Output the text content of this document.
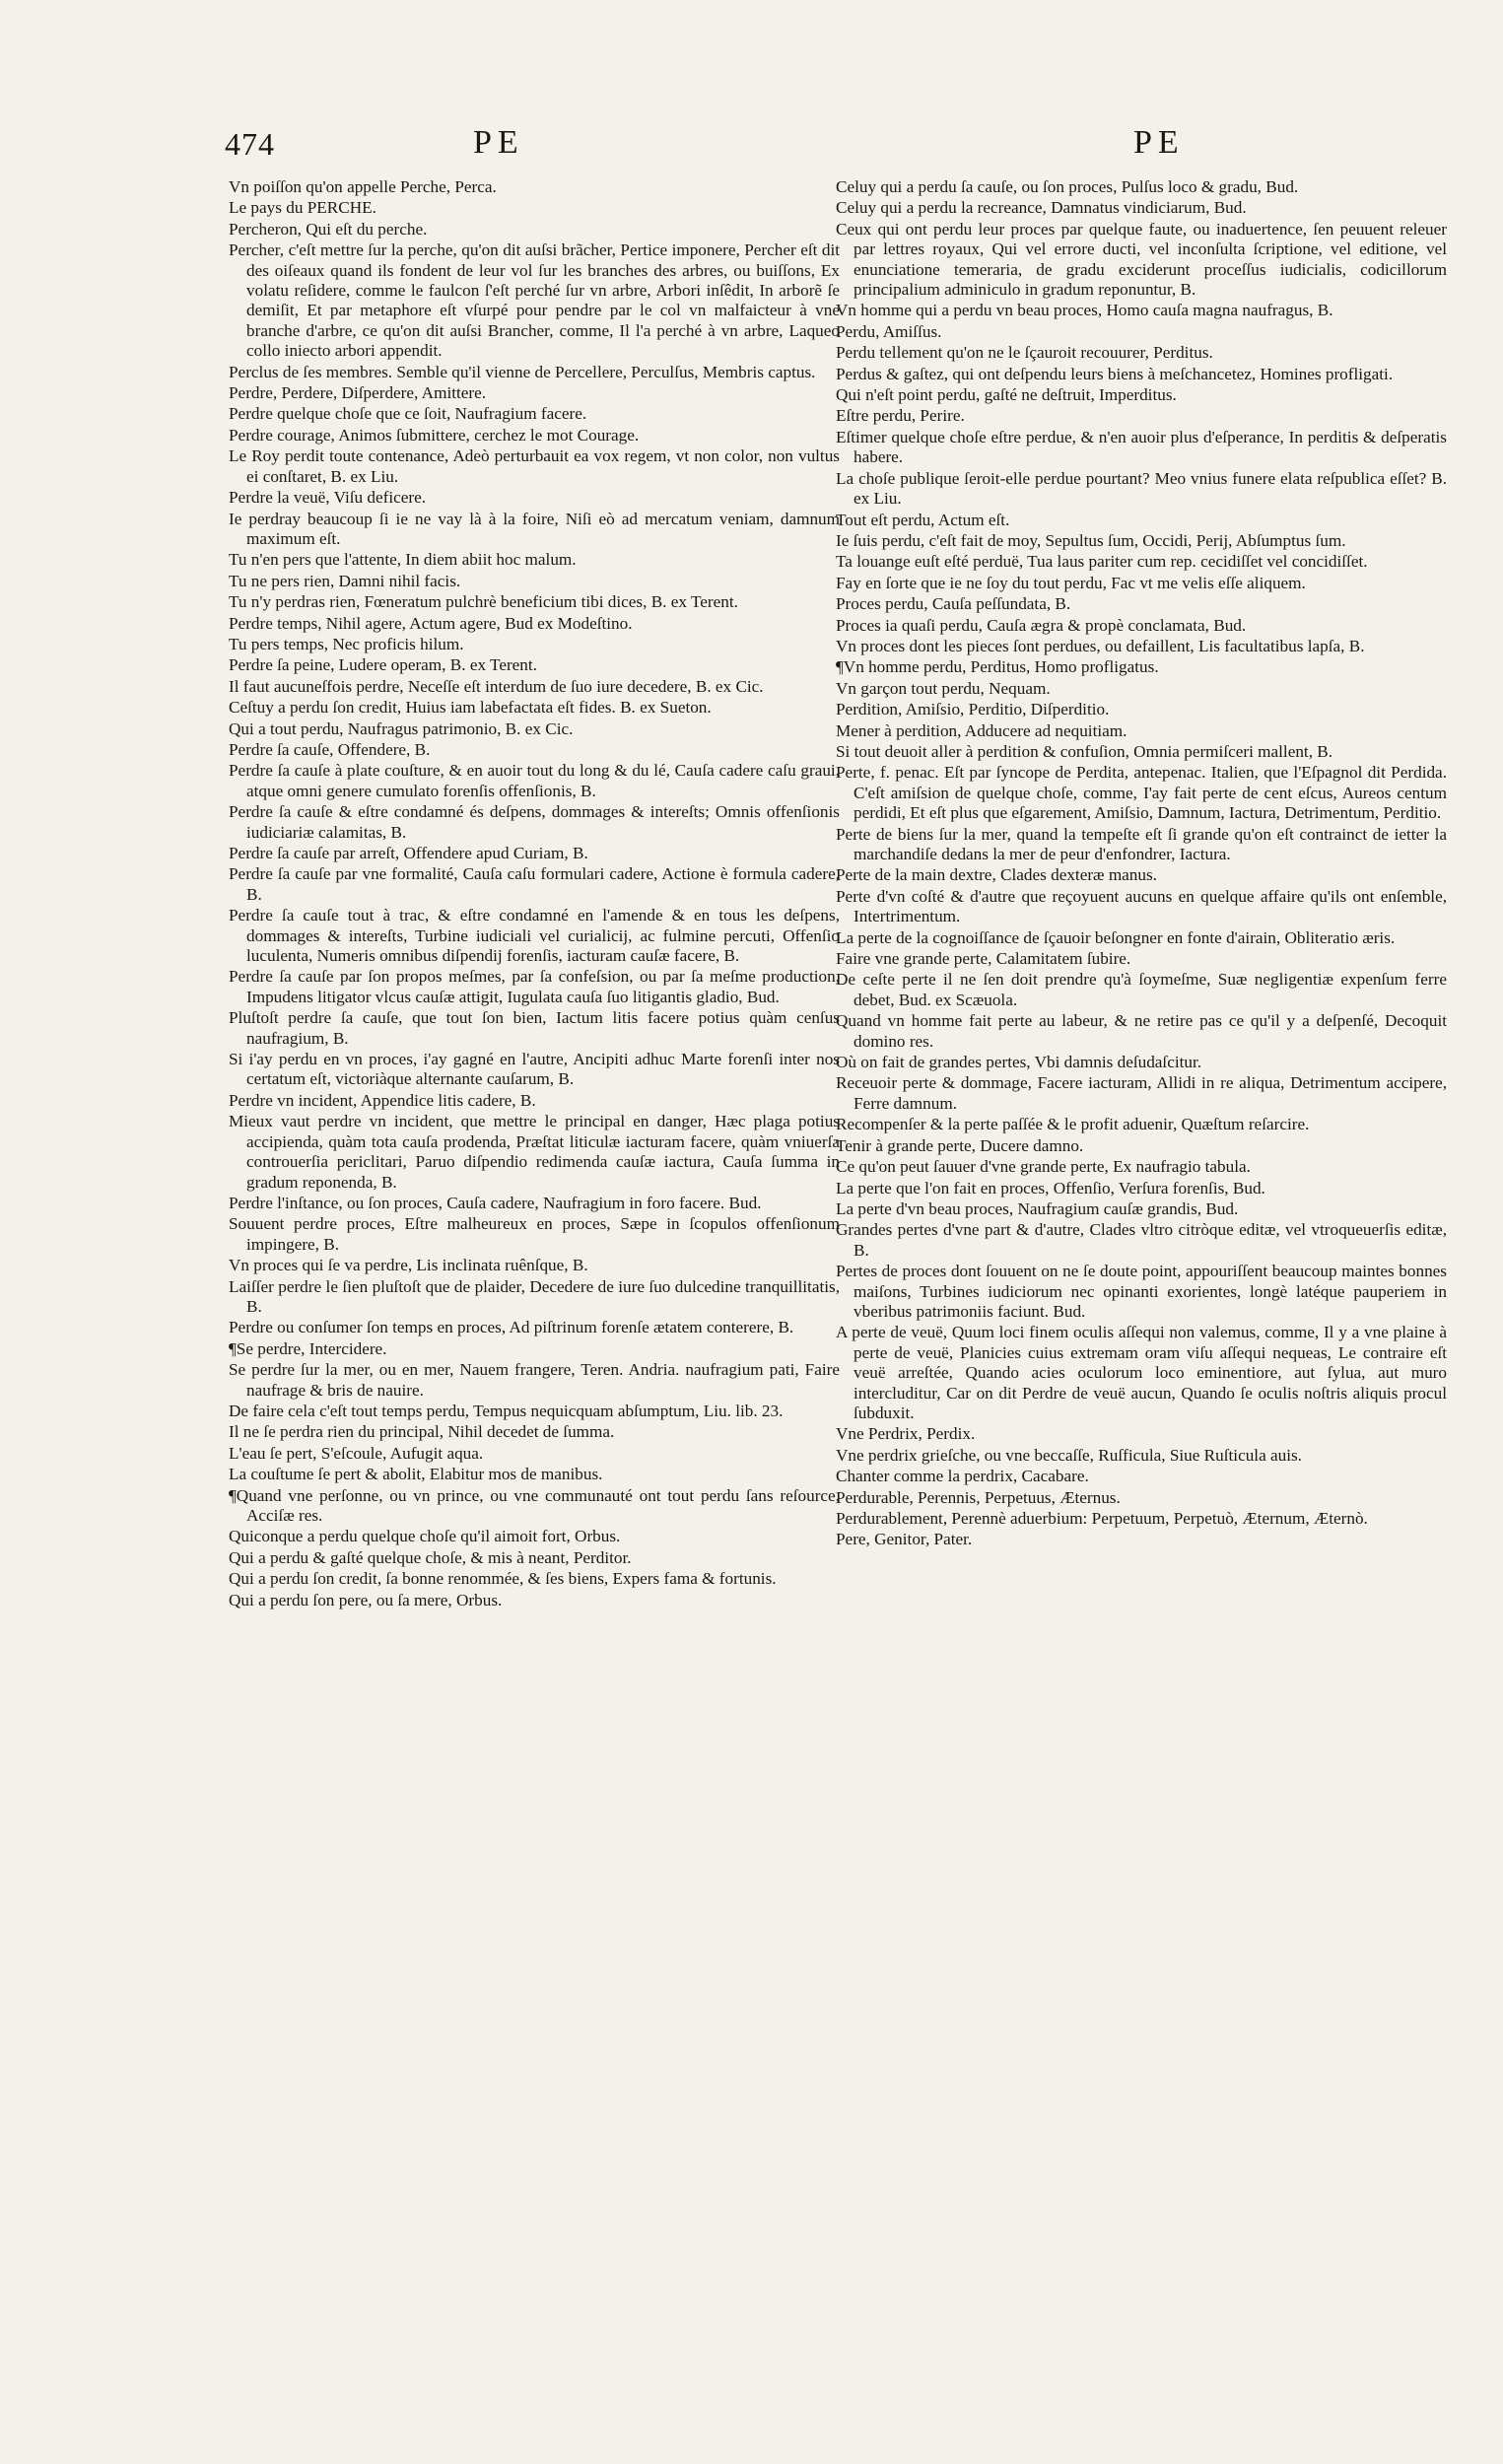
474	PE	PE

Vn poiſſon qu'on appelle Perche, Perca.

Le pays du PERCHE.

Percheron, Qui eſt du perche.

Percher, c'eſt mettre ſur la perche, qu'on dit auſsi brãcher, Pertice imponere, Percher eſt dit des oiſeaux quand ils fondent de leur vol ſur les branches des arbres, ou buiſſons, Ex volatu reſidere, comme le faulcon ſ'eſt perché ſur vn arbre, Arbori inſêdit, In arborẽ ſe demiſit, Et par metaphore eſt vſurpé pour pendre par le col vn malfaicteur à vne branche d'arbre, ce qu'on dit auſsi Brancher, comme, Il l'a perché à vn arbre, Laqueo collo iniecto arbori appendit.

Perclus de ſes membres. Semble qu'il vienne de Percellere, Perculſus, Membris captus.

Perdre, Perdere, Diſperdere, Amittere.

Perdre quelque choſe que ce ſoit, Naufragium facere.

Perdre courage, Animos ſubmittere, cerchez le mot Courage.

Le Roy perdit toute contenance, Adeò perturbauit ea vox regem, vt non color, non vultus ei conſtaret, B. ex Liu.

Perdre la veuë, Viſu deficere.

Ie perdray beaucoup ſi ie ne vay là à la foire, Niſi eò ad mercatum veniam, damnum maximum eſt.

Tu n'en pers que l'attente, In diem abiit hoc malum.

Tu ne pers rien, Damni nihil facis.

Tu n'y perdras rien, Fœneratum pulchrè beneficium tibi dices, B. ex Terent.

Perdre temps, Nihil agere, Actum agere, Bud ex Modeſtino.

Tu pers temps, Nec proficis hilum.

Perdre ſa peine, Ludere operam, B. ex Terent.

Il faut aucuneſfois perdre, Neceſſe eſt interdum de ſuo iure decedere, B. ex Cic.

Ceſtuy a perdu ſon credit, Huius iam labefactata eſt fides. B. ex Sueton.

Qui a tout perdu, Naufragus patrimonio, B. ex Cic.

Perdre ſa cauſe, Offendere, B.

Perdre ſa cauſe à plate couſture, & en auoir tout du long & du lé, Cauſa cadere caſu graui, atque omni genere cumulato forenſis offenſionis, B.

Perdre ſa cauſe & eſtre condamné és deſpens, dommages & intereſts; Omnis offenſionis iudiciariæ calamitas, B.

Perdre ſa cauſe par arreſt, Offendere apud Curiam, B.

Perdre ſa cauſe par vne formalité, Cauſa caſu formulari cadere, Actione è formula cadere, B.

Perdre ſa cauſe tout à trac, & eſtre condamné en l'amende & en tous les deſpens, dommages & intereſts, Turbine iudiciali vel curialicij, ac fulmine percuti, Offenſio luculenta, Numeris omnibus diſpendij forenſis, iacturam cauſæ facere, B.

Perdre ſa cauſe par ſon propos meſmes, par ſa confeſsion, ou par ſa meſme production, Impudens litigator vlcus cauſæ attigit, Iugulata cauſa ſuo litigantis gladio, Bud.

Pluſtoſt perdre ſa cauſe, que tout ſon bien, Iactum litis facere potius quàm cenſus naufragium, B.

Si i'ay perdu en vn proces, i'ay gagné en l'autre, Ancipiti adhuc Marte forenſi inter nos certatum eſt, victoriàque alternante cauſarum, B.

Perdre vn incident, Appendice litis cadere, B.

Mieux vaut perdre vn incident, que mettre le principal en danger, Hæc plaga potius accipienda, quàm tota cauſa prodenda, Præſtat liticulæ iacturam facere, quàm vniuerſa controuerſia periclitari, Paruo diſpendio redimenda cauſæ iactura, Cauſa ſumma in gradum reponenda, B.

Perdre l'inſtance, ou ſon proces, Cauſa cadere, Naufragium in foro facere. Bud.

Souuent perdre proces, Eſtre malheureux en proces, Sæpe in ſcopulos offenſionum impingere, B.

Vn proces qui ſe va perdre, Lis inclinata ruênſque, B.

Laiſſer perdre le ſien pluſtoſt que de plaider, Decedere de iure ſuo dulcedine tranquillitatis, B.

Perdre ou conſumer ſon temps en proces, Ad piſtrinum forenſe ætatem conterere, B.

¶Se perdre, Intercidere.

Se perdre ſur la mer, ou en mer, Nauem frangere, Teren. Andria. naufragium pati, Faire naufrage & bris de nauire.

De faire cela c'eſt tout temps perdu, Tempus nequicquam abſumptum, Liu. lib. 23.

Il ne ſe perdra rien du principal, Nihil decedet de ſumma.

L'eau ſe pert, S'eſcoule, Aufugit aqua.

La couſtume ſe pert & abolit, Elabitur mos de manibus.

¶Quand vne perſonne, ou vn prince, ou vne communauté ont tout perdu ſans reſource, Acciſæ res.

Quiconque a perdu quelque choſe qu'il aimoit fort, Orbus.

Qui a perdu & gaſté quelque choſe, & mis à neant, Perditor.

Qui a perdu ſon credit, ſa bonne renommée, & ſes biens, Expers fama & fortunis.

Qui a perdu ſon pere, ou ſa mere, Orbus.

Celuy qui a perdu ſa cauſe, ou ſon proces, Pulſus loco & gradu, Bud.

Celuy qui a perdu la recreance, Damnatus vindiciarum, Bud.

Ceux qui ont perdu leur proces par quelque faute, ou inaduertence, ſen peuuent releuer par lettres royaux, Qui vel errore ducti, vel inconſulta ſcriptione, vel editione, vel enunciatione temeraria, de gradu exciderunt proceſſus iudicialis, codicillorum principalium adminiculo in gradum reponuntur, B.

Vn homme qui a perdu vn beau proces, Homo cauſa magna naufragus, B.

Perdu, Amiſſus.

Perdu tellement qu'on ne le ſçauroit recouurer, Perditus.

Perdus & gaſtez, qui ont deſpendu leurs biens à meſchancetez, Homines profligati.

Qui n'eſt point perdu, gaſté ne deſtruit, Imperditus.

Eſtre perdu, Perire.

Eſtimer quelque choſe eſtre perdue, & n'en auoir plus d'eſperance, In perditis & deſperatis habere.

La choſe publique ſeroit-elle perdue pourtant? Meo vnius funere elata reſpublica eſſet? B. ex Liu.

Tout eſt perdu, Actum eſt.

Ie ſuis perdu, c'eſt fait de moy, Sepultus ſum, Occidi, Perij, Abſumptus ſum.

Ta louange euſt eſté perduë, Tua laus pariter cum rep. cecidiſſet vel concidiſſet.

Fay en ſorte que ie ne ſoy du tout perdu, Fac vt me velis eſſe aliquem.

Proces perdu, Cauſa peſſundata, B.

Proces ia quaſi perdu, Cauſa ægra & propè conclamata, Bud.

Vn proces dont les pieces ſont perdues, ou defaillent, Lis facultatibus lapſa, B.

¶Vn homme perdu, Perditus, Homo profligatus.

Vn garçon tout perdu, Nequam.

Perdition, Amiſsio, Perditio, Diſperditio.

Mener à perdition, Adducere ad nequitiam.

Si tout deuoit aller à perdition & confuſion, Omnia permiſceri mallent, B.

Perte, f. penac. Eſt par ſyncope de Perdita, antepenac. Italien, que l'Eſpagnol dit Perdida. C'eſt amiſsion de quelque choſe, comme, I'ay fait perte de cent eſcus, Aureos centum perdidi, Et eſt plus que eſgarement, Amiſsio, Damnum, Iactura, Detrimentum, Perditio.

Perte de biens ſur la mer, quand la tempeſte eſt ſi grande qu'on eſt contrainct de ietter la marchandiſe dedans la mer de peur d'enfondrer, Iactura.

Perte de la main dextre, Clades dexteræ manus.

Perte d'vn coſté & d'autre que reçoyuent aucuns en quelque affaire qu'ils ont enſemble, Intertrimentum.

La perte de la cognoiſſance de ſçauoir beſongner en fonte d'airain, Obliteratio æris.

Faire vne grande perte, Calamitatem ſubire.

De ceſte perte il ne ſen doit prendre qu'à ſoymeſme, Suæ negligentiæ expenſum ferre debet, Bud. ex Scæuola.

Quand vn homme fait perte au labeur, & ne retire pas ce qu'il y a deſpenſé, Decoquit domino res.

Où on fait de grandes pertes, Vbi damnis deſudaſcitur.

Receuoir perte & dommage, Facere iacturam, Allidi in re aliqua, Detrimentum accipere, Ferre damnum.

Recompenſer & la perte paſſée & le profit aduenir, Quæſtum reſarcire.

Tenir à grande perte, Ducere damno.

Ce qu'on peut ſauuer d'vne grande perte, Ex naufragio tabula.

La perte que l'on fait en proces, Offenſio, Verſura forenſis, Bud.

La perte d'vn beau proces, Naufragium cauſæ grandis, Bud.

Grandes pertes d'vne part & d'autre, Clades vltro citròque editæ, vel vtroqueuerſis editæ, B.

Pertes de proces dont ſouuent on ne ſe doute point, appouriſſent beaucoup maintes bonnes maiſons, Turbines iudiciorum nec opinanti exorientes, longè latéque pauperiem in vberibus patrimoniis faciunt. Bud.

A perte de veuë, Quum loci finem oculis aſſequi non valemus, comme, Il y a vne plaine à perte de veuë, Planicies cuius extremam oram viſu aſſequi nequeas, Le contraire eſt veuë arreſtée, Quando acies oculorum loco eminentiore, aut ſylua, aut muro intercluditur, Car on dit Perdre de veuë aucun, Quando ſe oculis noſtris aliquis procul ſubduxit.

Vne Perdrix, Perdix.

Vne perdrix grieſche, ou vne beccaſſe, Ruſficula, Siue Ruſticula auis.

Chanter comme la perdrix, Cacabare.

Perdurable, Perennis, Perpetuus, Æternus.

Perdurablement, Perennè aduerbium: Perpetuum, Perpetuò, Æternum, Æternò.

Pere, Genitor, Pater.
